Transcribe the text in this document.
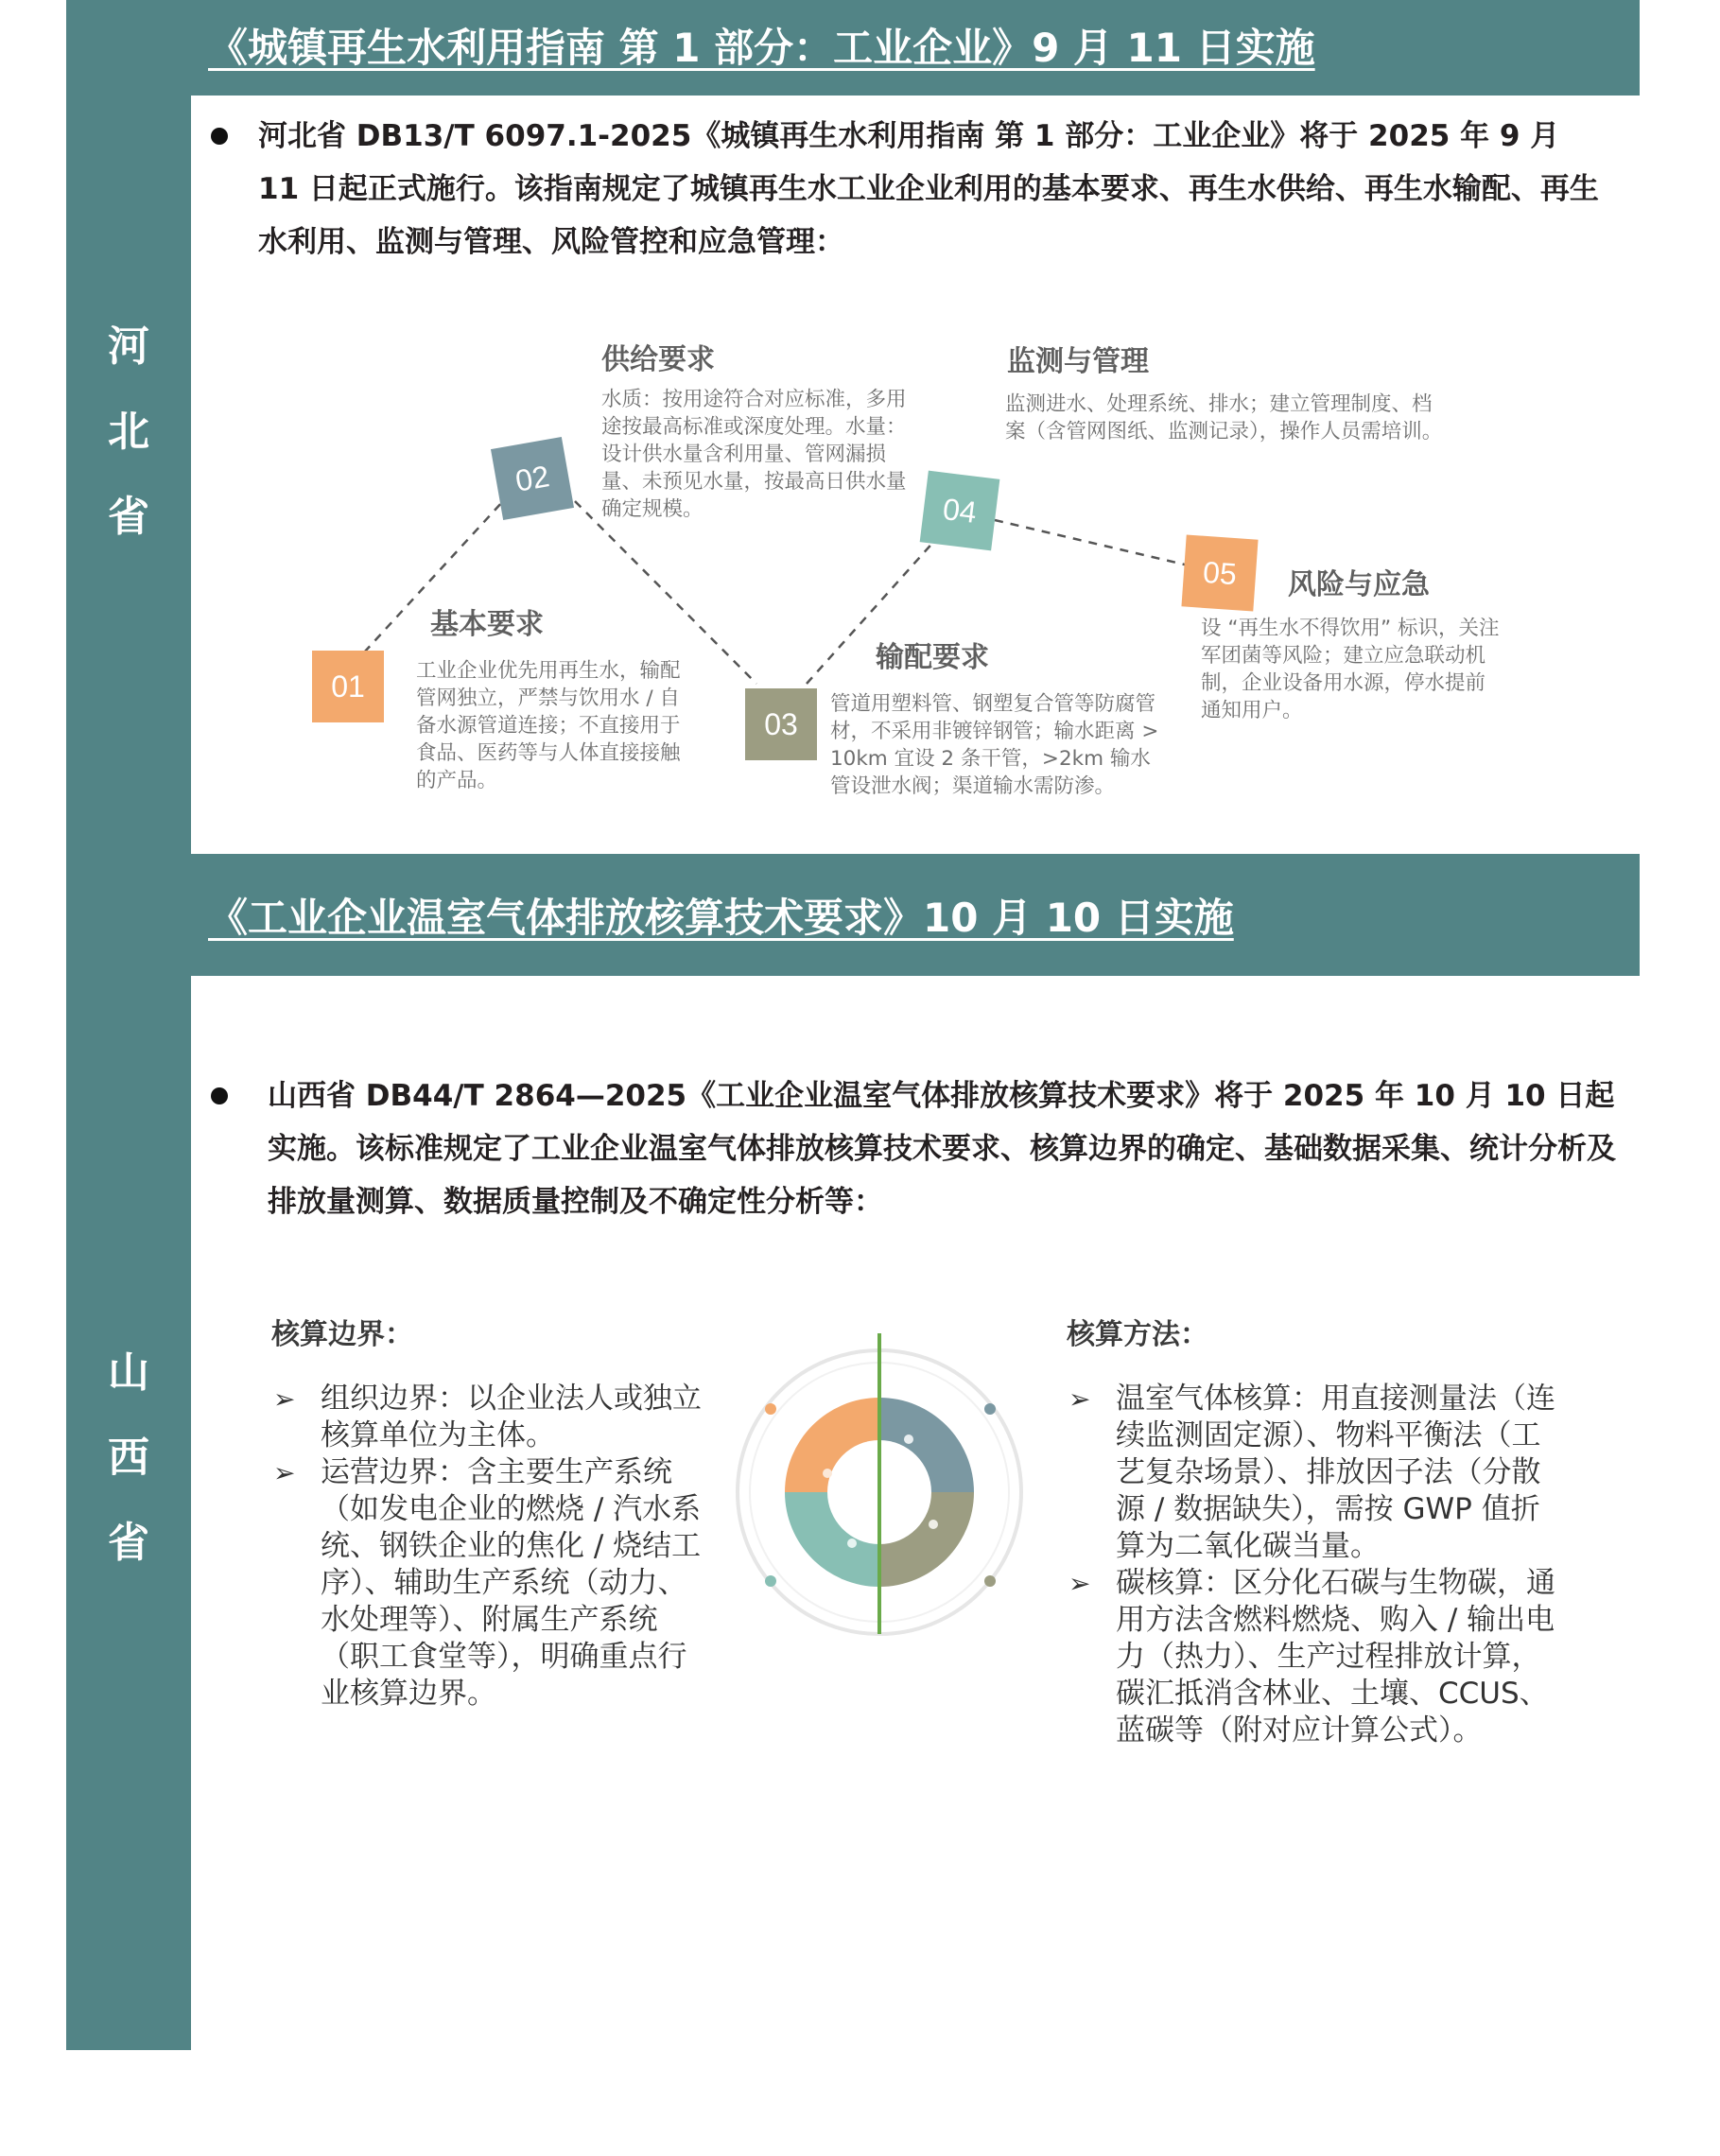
河
北
省
山
西
省
《城镇再生水利用指南 第 1 部分：工业企业》9 月 11 日实施
河北省 DB13/T 6097.1-2025《城镇再生水利用指南 第 1 部分：工业企业》将于 2025 年 9 月 11 日起正式施行。该指南规定了城镇再生水工业企业利用的基本要求、再生水供给、再生水输配、再生水利用、监测与管理、风险管控和应急管理：
01
02
03
04
05
基本要求
工业企业优先用再生水，输配管网独立，严禁与饮用水 / 自备水源管道连接；不直接用于食品、医药等与人体直接接触的产品。
供给要求
水质：按用途符合对应标准，多用途按最高标准或深度处理。水量：设计供水量含利用量、管网漏损量、未预见水量，按最高日供水量确定规模。
输配要求
管道用塑料管、钢塑复合管等防腐管材，不采用非镀锌钢管；输水距离 > 10km 宜设 2 条干管，>2km 输水管设泄水阀；渠道输水需防渗。
监测与管理
监测进水、处理系统、排水；建立管理制度、档案（含管网图纸、监测记录），操作人员需培训。
风险与应急
设 “再生水不得饮用” 标识，关注军团菌等风险；建立应急联动机制，企业设备用水源，停水提前通知用户。
《工业企业温室气体排放核算技术要求》10 月 10 日实施
山西省 DB44/T 2864—2025《工业企业温室气体排放核算技术要求》将于 2025 年 10 月 10 日起实施。该标准规定了工业企业温室气体排放核算技术要求、核算边界的确定、基础数据采集、统计分析及排放量测算、数据质量控制及不确定性分析等：
核算边界：
➢ 组织边界：以企业法人或独立核算单位为主体。
➢ 运营边界：含主要生产系统（如发电企业的燃烧 / 汽水系统、钢铁企业的焦化 / 烧结工序）、辅助生产系统（动力、水处理等）、附属生产系统（职工食堂等），明确重点行业核算边界。
核算方法：
➢ 温室气体核算：用直接测量法（连续监测固定源）、物料平衡法（工艺复杂场景）、排放因子法（分散源 / 数据缺失），需按 GWP 值折算为二氧化碳当量。
➢ 碳核算：区分化石碳与生物碳，通用方法含燃料燃烧、购入 / 输出电力（热力）、生产过程排放计算，碳汇抵消含林业、土壤、CCUS、蓝碳等（附对应计算公式）。
